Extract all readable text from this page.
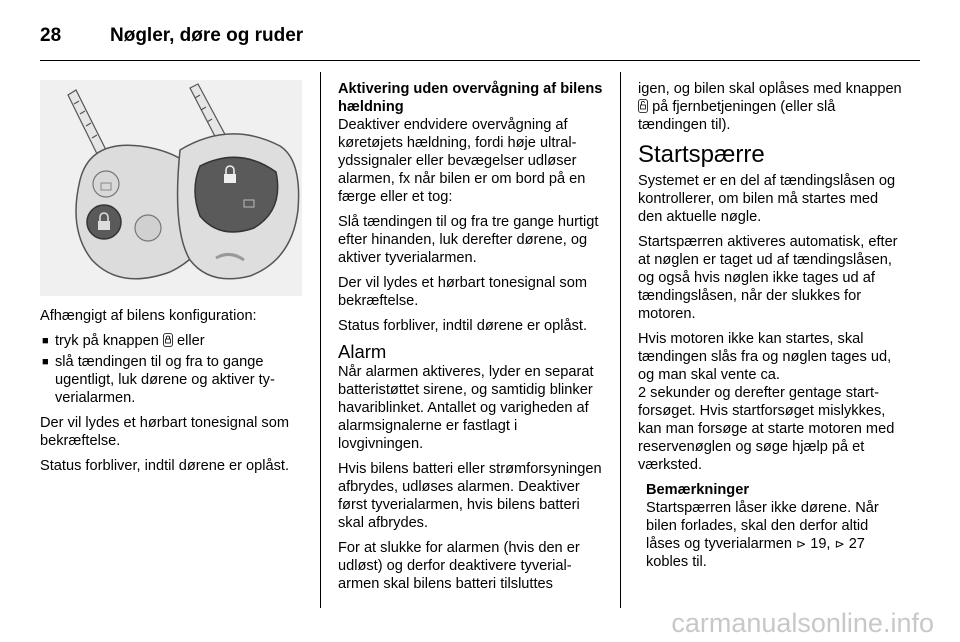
28	Nøgler, døre og ruder

Afhængigt af bilens konfiguration:

■ tryk på knappen eller
■ slå tændingen til og fra to gange ugentligt, luk dørene og aktiver tyverialarmen.

Der vil lydes et hørbart tonesignal som bekræftelse.

Status forbliver, indtil dørene er oplåst.

Aktivering uden overvågning af bilens hældning

Deaktiver endvidere overvågning af køretøjets hældning, fordi høje ultralydssignaler eller bevægelser udløser alarmen, fx når bilen er om bord på en færge eller et tog:

Slå tændingen til og fra tre gange hurtigt efter hinanden, luk derefter dørene, og aktiver tyverialarmen.

Der vil lydes et hørbart tonesignal som bekræftelse.

Status forbliver, indtil dørene er oplåst.

Alarm

Når alarmen aktiveres, lyder en separat batteristøttet sirene, og samtidig blinker havariblinket. Antallet og varigheden af alarmsignalerne er fastlagt i lovgivningen.

Hvis bilens batteri eller strømforsyningen afbrydes, udløses alarmen. Deaktiver først tyverialarmen, hvis bilens batteri skal afbrydes.

For at slukke for alarmen (hvis den er udløst) og derfor deaktivere tyverialarmen skal bilens batteri tilsluttes

igen, og bilen skal oplåses med knappen  på fjernbetjeningen (eller slå tændingen til).

Startspærre

Systemet er en del af tændingslåsen og kontrollerer, om bilen må startes med den aktuelle nøgle.

Startspærren aktiveres automatisk, efter at nøglen er taget ud af tændingslåsen, og også hvis nøglen ikke tages ud af tændingslåsen, når der slukkes for motoren.

Hvis motoren ikke kan startes, skal tændingen slås fra og nøglen tages ud, og man skal vente ca.
2 sekunder og derefter gentage startforsøget. Hvis startforsøget mislykkes, kan man forsøge at starte motoren med reservenøglen og søge hjælp på et værksted.

Bemærkninger

Startspærren låser ikke dørene. Når bilen forlades, skal den derfor altid låses og tyverialarmen ⊳ 19, ⊳ 27 kobles til.

carmanualsonline.info
